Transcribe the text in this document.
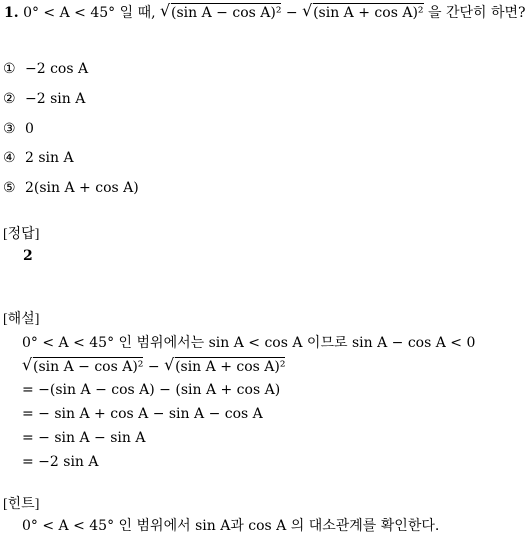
1. 0° < A < 45° 일 때, √ (sin A − cos A)² − √ (sin A + cos A)² 을 간단히 하면?
① −2 cos A
② −2 sin A
③ 0
④ 2 sin A
⑤ 2(sin A + cos A)
[정답]
2
[해설]
0° < A < 45° 인 범위에서는 sin A < cos A 이므로 sin A − cos A < 0
√ (sin A − cos A)² − √ (sin A + cos A)²
= −(sin A − cos A) − (sin A + cos A)
= − sin A + cos A − sin A − cos A
= − sin A − sin A
= −2 sin A
[힌트]
0° < A < 45° 인 범위에서 sin A과 cos A 의 대소관계를 확인한다.
